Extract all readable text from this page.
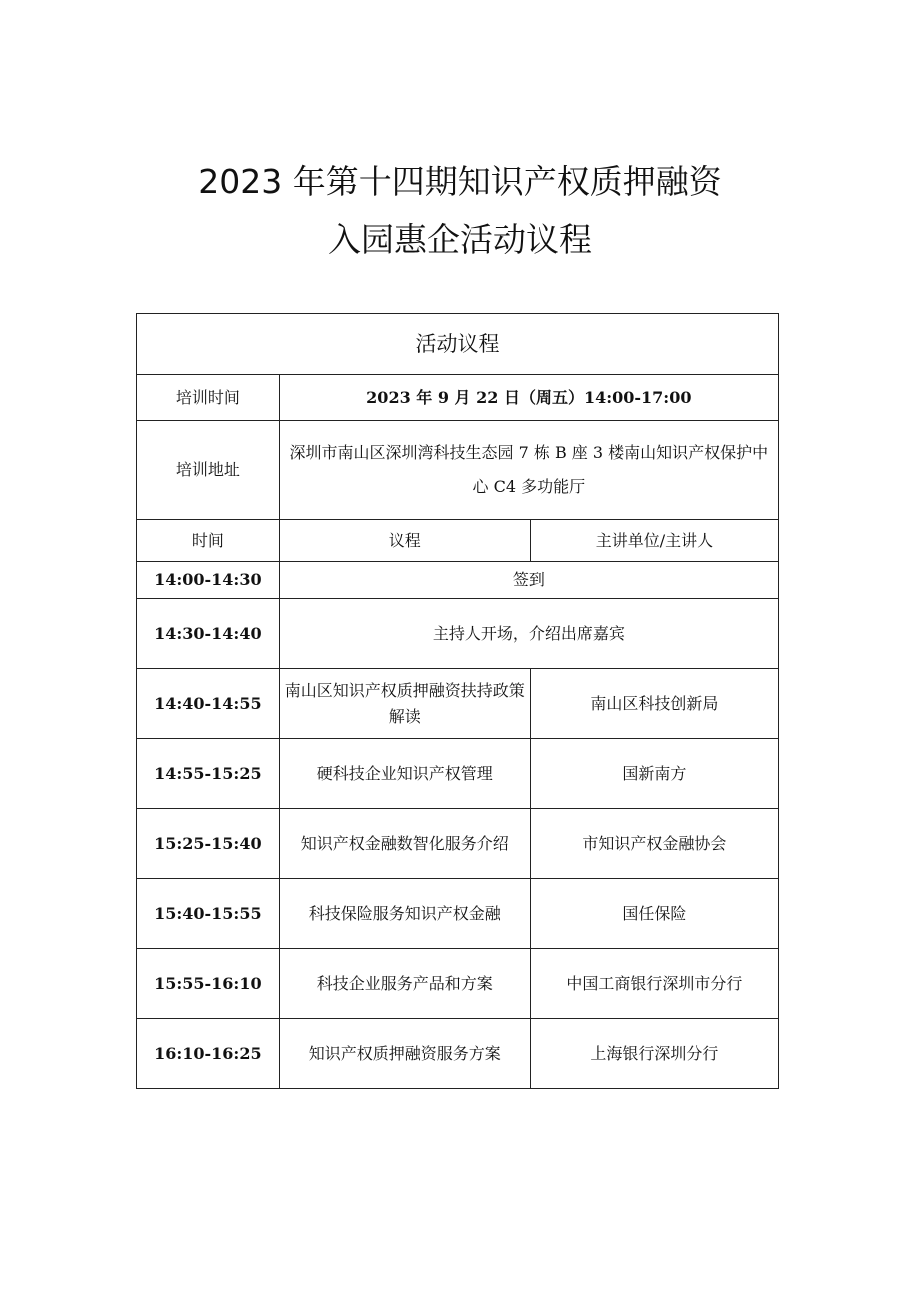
2023 年第十四期知识产权质押融资
入园惠企活动议程
活动议程		
培训时间	2023 年 9 月 22 日（周五）14:00-17:00	
培训地址	深圳市南山区深圳湾科技生态园 7 栋 B 座 3 楼南山知识产权保护中心 C4 多功能厅	
时间	议程	主讲单位/主讲人
14:00-14:30	签到	
14:30-14:40	主持人开场，介绍出席嘉宾	
14:40-14:55	南山区知识产权质押融资扶持政策解读	南山区科技创新局
14:55-15:25	硬科技企业知识产权管理	国新南方
15:25-15:40	知识产权金融数智化服务介绍	市知识产权金融协会
15:40-15:55	科技保险服务知识产权金融	国任保险
15:55-16:10	科技企业服务产品和方案	中国工商银行深圳市分行
16:10-16:25	知识产权质押融资服务方案	上海银行深圳分行
